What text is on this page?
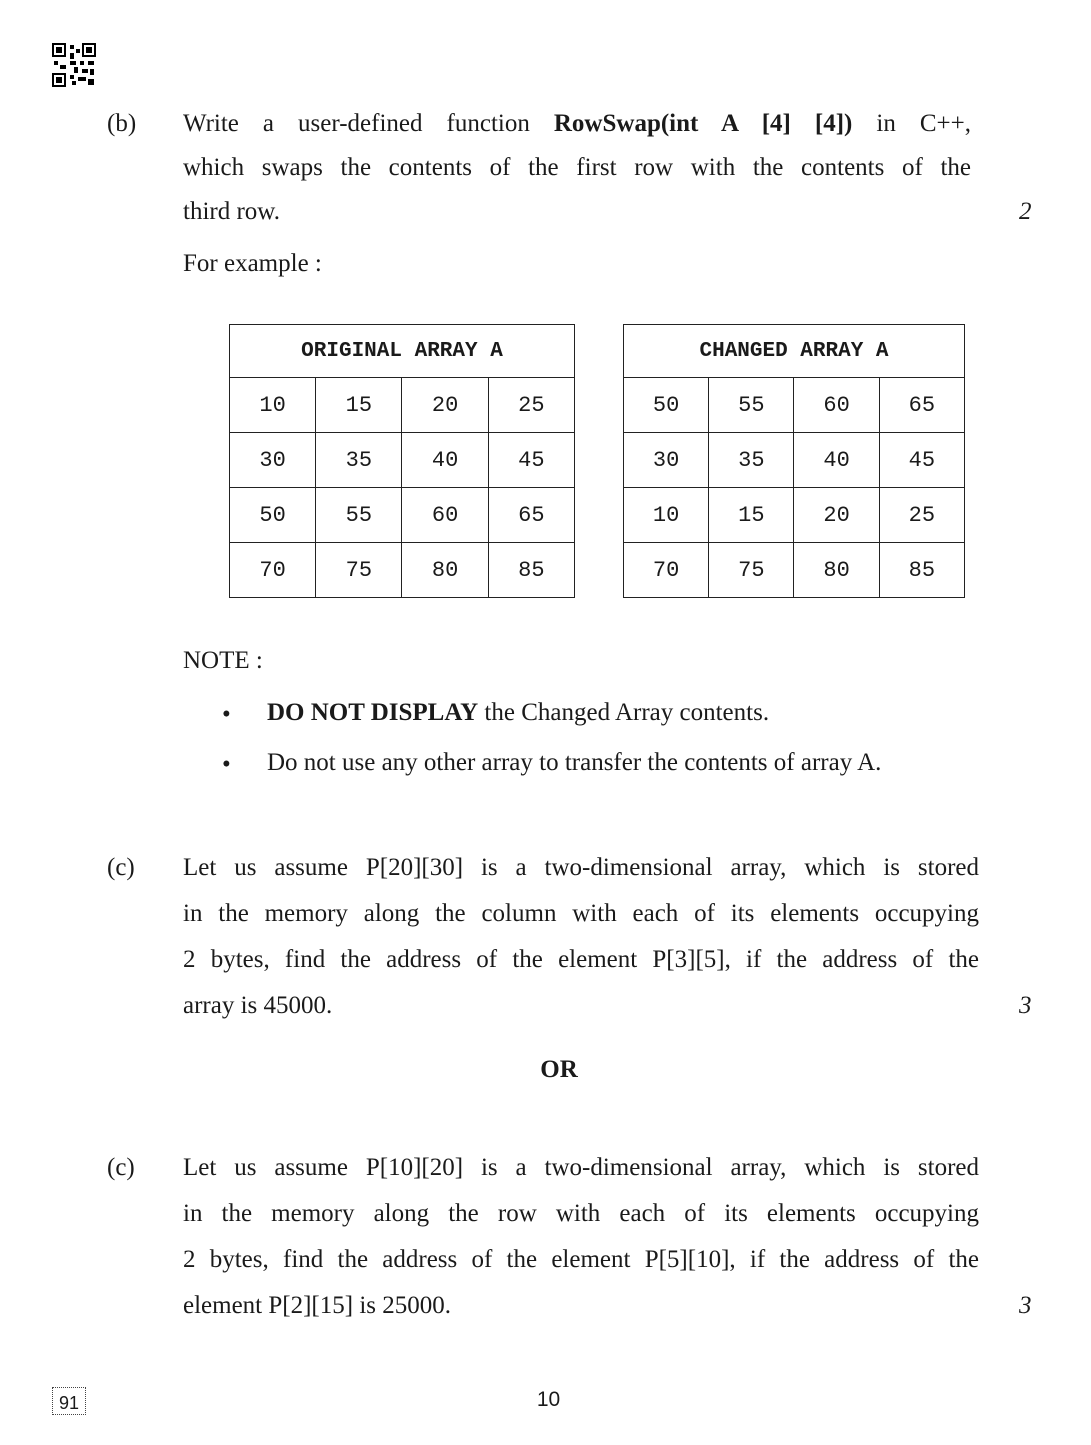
(b) Write a user-defined function RowSwap(int A [4] [4]) in C++,
which swaps the contents of the first row with the contents of the
third row.	2
For example :
ORIGINAL ARRAY A			
10	15	20	25
30	35	40	45
50	55	60	65
70	75	80	85
CHANGED ARRAY A			
50	55	60	65
30	35	40	45
10	15	20	25
70	75	80	85
NOTE :
• DO NOT DISPLAY the Changed Array contents.
• Do not use any other array to transfer the contents of array A.
(c) Let us assume P[20][30] is a two-dimensional array, which is stored
in the memory along the column with each of its elements occupying
2 bytes, find the address of the element P[3][5], if the address of the
array is 45000.	3
OR
(c) Let us assume P[10][20] is a two-dimensional array, which is stored
in the memory along the row with each of its elements occupying
2 bytes, find the address of the element P[5][10], if the address of the
element P[2][15] is 25000.	3
91	10
